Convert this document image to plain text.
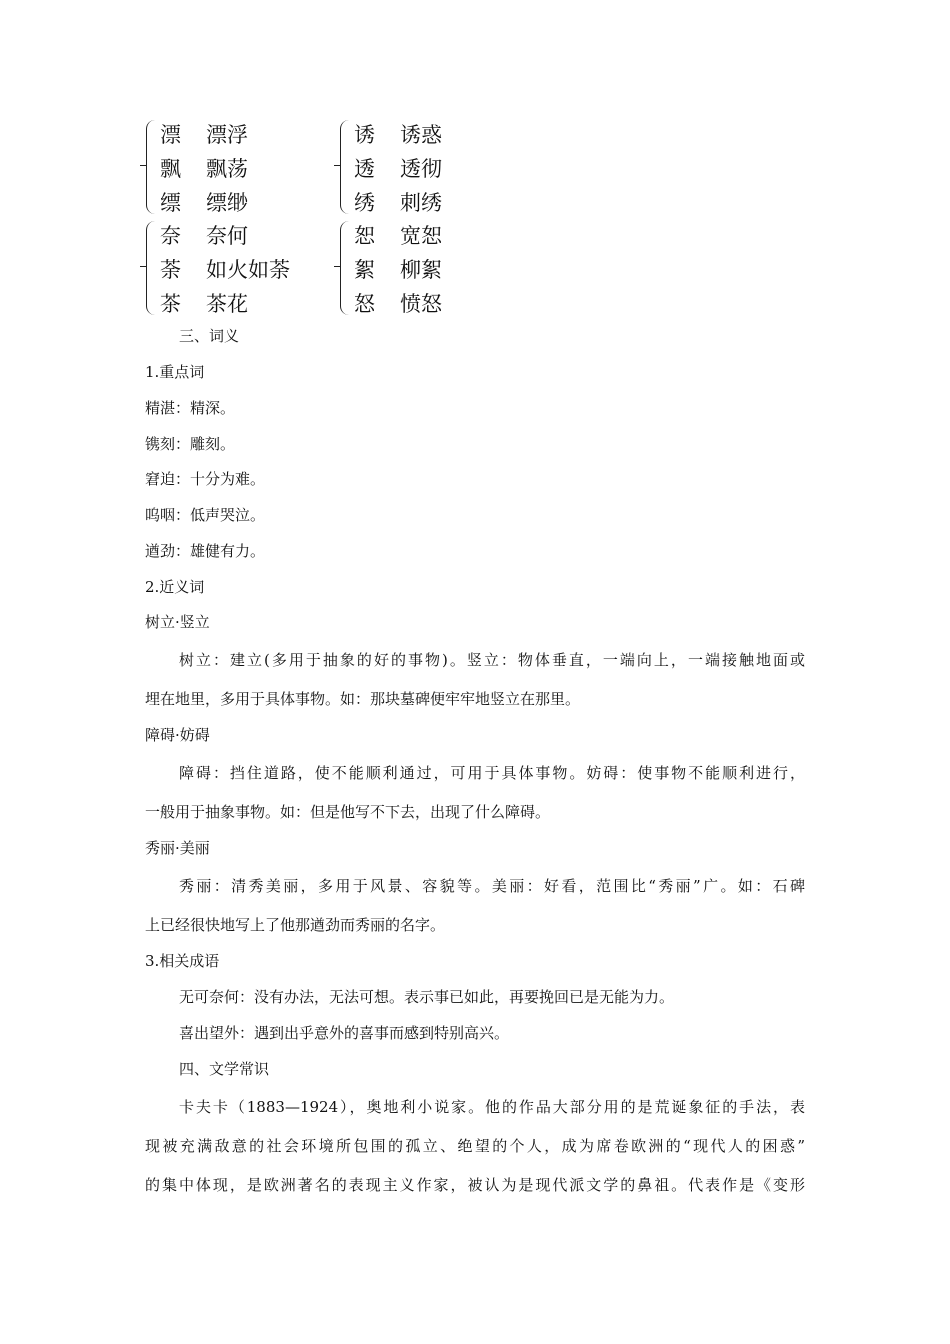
漂 漂浮
飘 飘荡
缥 缥缈
诱 诱惑
透 透彻
绣 刺绣
奈 奈何
荼 如火如荼
茶 茶花
恕 宽恕
絮 柳絮
怒 愤怒
三、词义
1.重点词
精湛：精深。
镌刻：雕刻。
窘迫：十分为难。
呜咽：低声哭泣。
遒劲：雄健有力。
2.近义词
树立·竖立
树立：建立(多用于抽象的好的事物)。竖立：物体垂直，一端向上，一端接触地面或
埋在地里，多用于具体事物。如：那块墓碑便牢牢地竖立在那里。
障碍·妨碍
障碍：挡住道路，使不能顺利通过，可用于具体事物。妨碍：使事物不能顺利进行，
一般用于抽象事物。如：但是他写不下去，出现了什么障碍。
秀丽·美丽
秀丽：清秀美丽，多用于风景、容貌等。美丽：好看，范围比“秀丽”广。如：石碑
上已经很快地写上了他那遒劲而秀丽的名字。
3.相关成语
无可奈何：没有办法，无法可想。表示事已如此，再要挽回已是无能为力。
喜出望外：遇到出乎意外的喜事而感到特别高兴。
四、文学常识
卡夫卡（1883—1924），奥地利小说家。他的作品大部分用的是荒诞象征的手法，表
现被充满敌意的社会环境所包围的孤立、绝望的个人，成为席卷欧洲的“现代人的困惑”
的集中体现，是欧洲著名的表现主义作家，被认为是现代派文学的鼻祖。代表作是《变形
